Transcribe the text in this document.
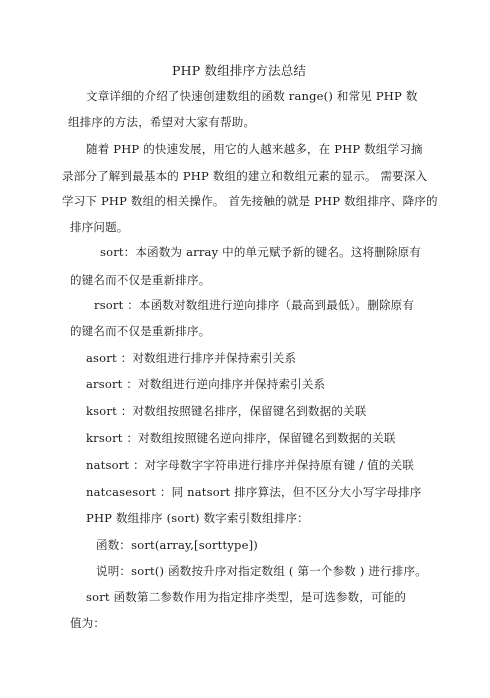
PHP 数组排序方法总结
文章详细的介绍了快速创建数组的函数 range() 和常见 PHP 数
组排序的方法，希望对大家有帮助。
随着 PHP 的快速发展，用它的人越来越多，在 PHP 数组学习摘
录部分了解到最基本的 PHP 数组的建立和数组元素的显示。 需要深入
学习下 PHP 数组的相关操作。 首先接触的就是 PHP 数组排序、降序的
排序问题。
sort：本函数为 array 中的单元赋予新的键名。这将删除原有
的键名而不仅是重新排序。
rsort ：本函数对数组进行逆向排序（最高到最低）。删除原有
的键名而不仅是重新排序。
asort ：对数组进行排序并保持索引关系
arsort ：对数组进行逆向排序并保持索引关系
ksort ：对数组按照键名排序，保留键名到数据的关联
krsort ：对数组按照键名逆向排序，保留键名到数据的关联
natsort ：对字母数字字符串进行排序并保持原有键 / 值的关联
natcasesort ：同 natsort 排序算法，但不区分大小写字母排序
PHP 数组排序 (sort) 数字索引数组排序：
函数：sort(array,[sorttype])
说明：sort() 函数按升序对指定数组 ( 第一个参数 ) 进行排序。
sort 函数第二参数作用为指定排序类型，是可选参数，可能的
值为：
